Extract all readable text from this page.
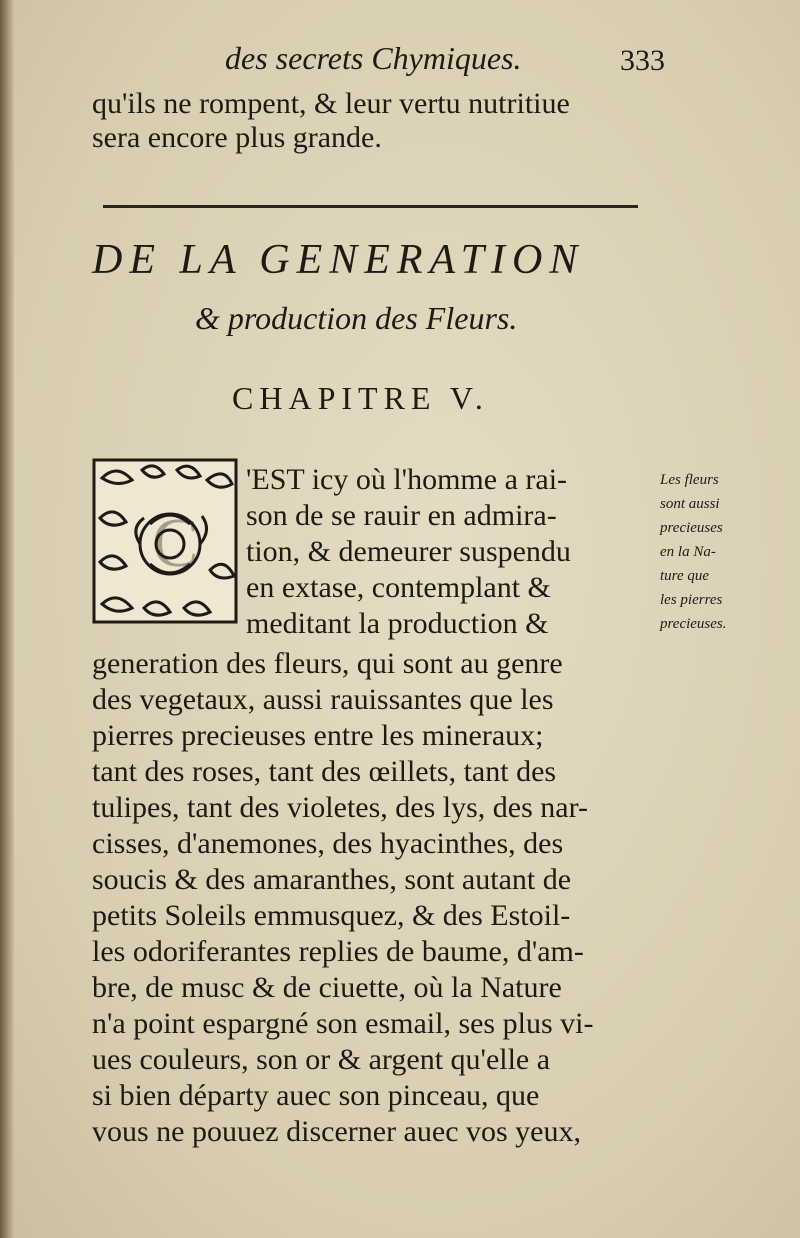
des secrets Chymiques.	333
qu'ils ne rompent, & leur vertu nutritiue
sera encore plus grande.
DE LA GENERATION
& production des Fleurs.
CHAPITRE V.
C
'EST icy où l'homme a rai-
son de se rauir en admira-
tion, & demeurer suspendu
en extase, contemplant &
meditant la production &
generation des fleurs, qui sont au genre
des vegetaux, aussi rauissantes que les
pierres precieuses entre les mineraux;
tant des roses, tant des œillets, tant des
tulipes, tant des violetes, des lys, des nar-
cisses, d'anemones, des hyacinthes, des
soucis & des amaranthes, sont autant de
petits Soleils emmusquez, & des Estoil-
les odoriferantes replies de baume, d'am-
bre, de musc & de ciuette, où la Nature
n'a point espargné son esmail, ses plus vi-
ues couleurs, son or & argent qu'elle a
si bien départy auec son pinceau, que
vous ne pouuez discerner auec vos yeux,
Les fleurs
sont aussi
precieuses
en la Na-
ture que
les pierres
precieuses.
